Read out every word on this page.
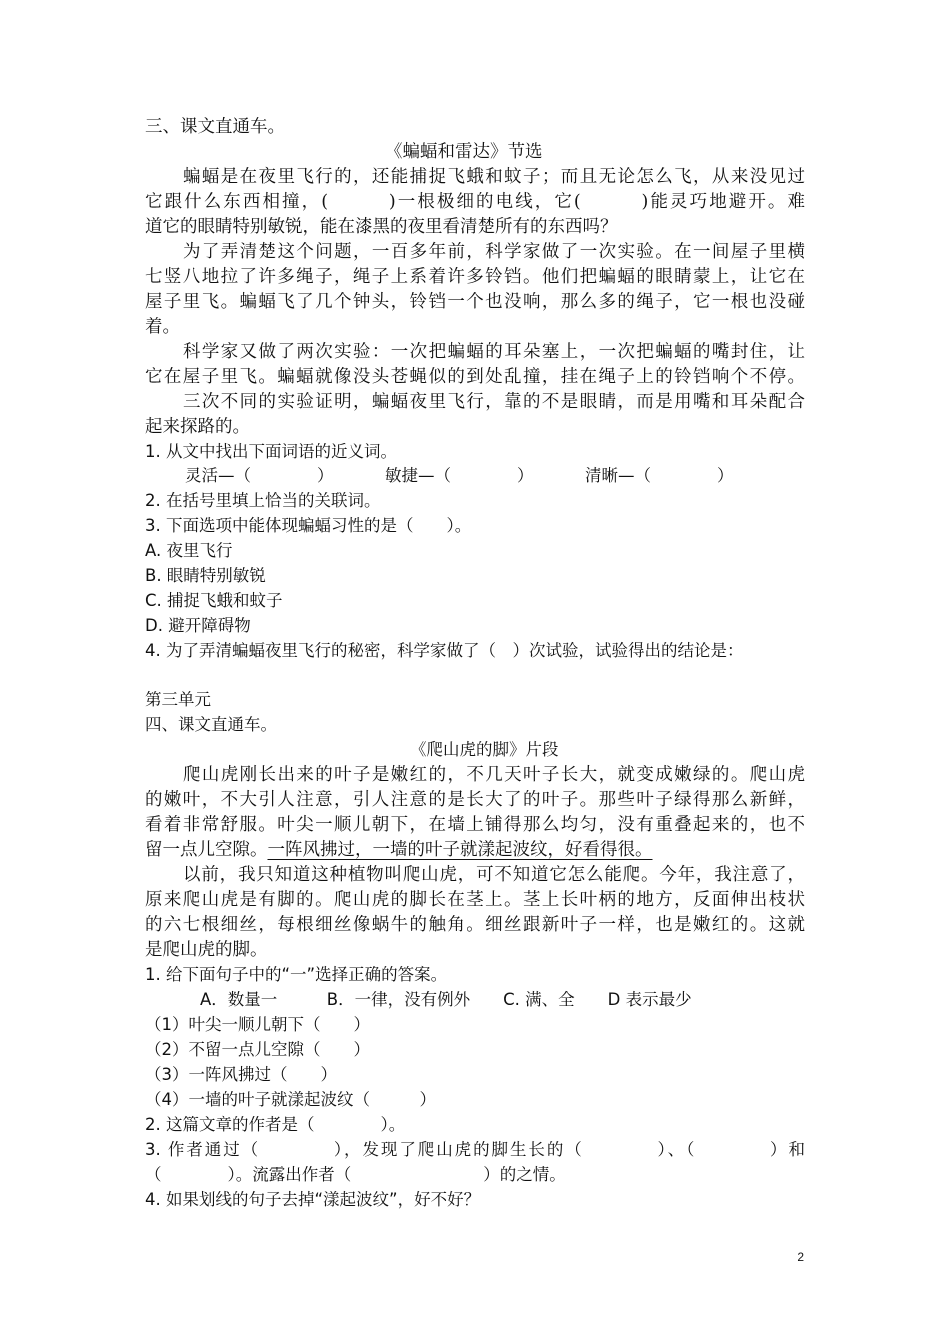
三、课文直通车。
《蝙蝠和雷达》节选
蝙蝠是在夜里飞行的，还能捕捉飞蛾和蚊子；而且无论怎么飞，从来没见过
它跟什么东西相撞，(　　　)一根极细的电线，它(　　　)能灵巧地避开。难
道它的眼睛特别敏锐，能在漆黑的夜里看清楚所有的东西吗？
为了弄清楚这个问题，一百多年前，科学家做了一次实验。在一间屋子里横
七竖八地拉了许多绳子，绳子上系着许多铃铛。他们把蝙蝠的眼睛蒙上，让它在
屋子里飞。蝙蝠飞了几个钟头，铃铛一个也没响，那么多的绳子，它一根也没碰
着。
科学家又做了两次实验：一次把蝙蝠的耳朵塞上，一次把蝙蝠的嘴封住，让
它在屋子里飞。蝙蝠就像没头苍蝇似的到处乱撞，挂在绳子上的铃铛响个不停。
三次不同的实验证明，蝙蝠夜里飞行，靠的不是眼睛，而是用嘴和耳朵配合
起来探路的。
1. 从文中找出下面词语的近义词。
灵活—（　　　　）	敏捷—（　　　　）	清晰—（　　　　）
2. 在括号里填上恰当的关联词。
3. 下面选项中能体现蝙蝠习性的是（　　）。
A. 夜里飞行
B. 眼睛特别敏锐
C. 捕捉飞蛾和蚊子
D. 避开障碍物
4. 为了弄清蝙蝠夜里飞行的秘密，科学家做了（　）次试验，试验得出的结论是：
第三单元
四、课文直通车。
《爬山虎的脚》片段
爬山虎刚长出来的叶子是嫩红的，不几天叶子长大，就变成嫩绿的。爬山虎
的嫩叶，不大引人注意，引人注意的是长大了的叶子。那些叶子绿得那么新鲜，
看着非常舒服。叶尖一顺儿朝下，在墙上铺得那么均匀，没有重叠起来的，也不
留一点儿空隙。一阵风拂过，一墙的叶子就漾起波纹，好看得很。
以前，我只知道这种植物叫爬山虎，可不知道它怎么能爬。今年，我注意了，
原来爬山虎是有脚的。爬山虎的脚长在茎上。茎上长叶柄的地方，反面伸出枝状
的六七根细丝，每根细丝像蜗牛的触角。细丝跟新叶子一样，也是嫩红的。这就
是爬山虎的脚。
1. 给下面句子中的“一”选择正确的答案。
A．数量一　　　B．一律，没有例外　　C. 满、全　　D 表示最少
（1）叶尖一顺儿朝下（　　）
（2）不留一点儿空隙（　　）
（3）一阵风拂过（　　）
（4）一墙的叶子就漾起波纹（　　　）
2. 这篇文章的作者是（　　　　）。
3. 作者通过（　　　　），发现了爬山虎的脚生长的（　　　　）、（　　　　）和
（　　　　）。流露出作者（　　　　　　　　）的之情。
4. 如果划线的句子去掉“漾起波纹”，好不好？
2
